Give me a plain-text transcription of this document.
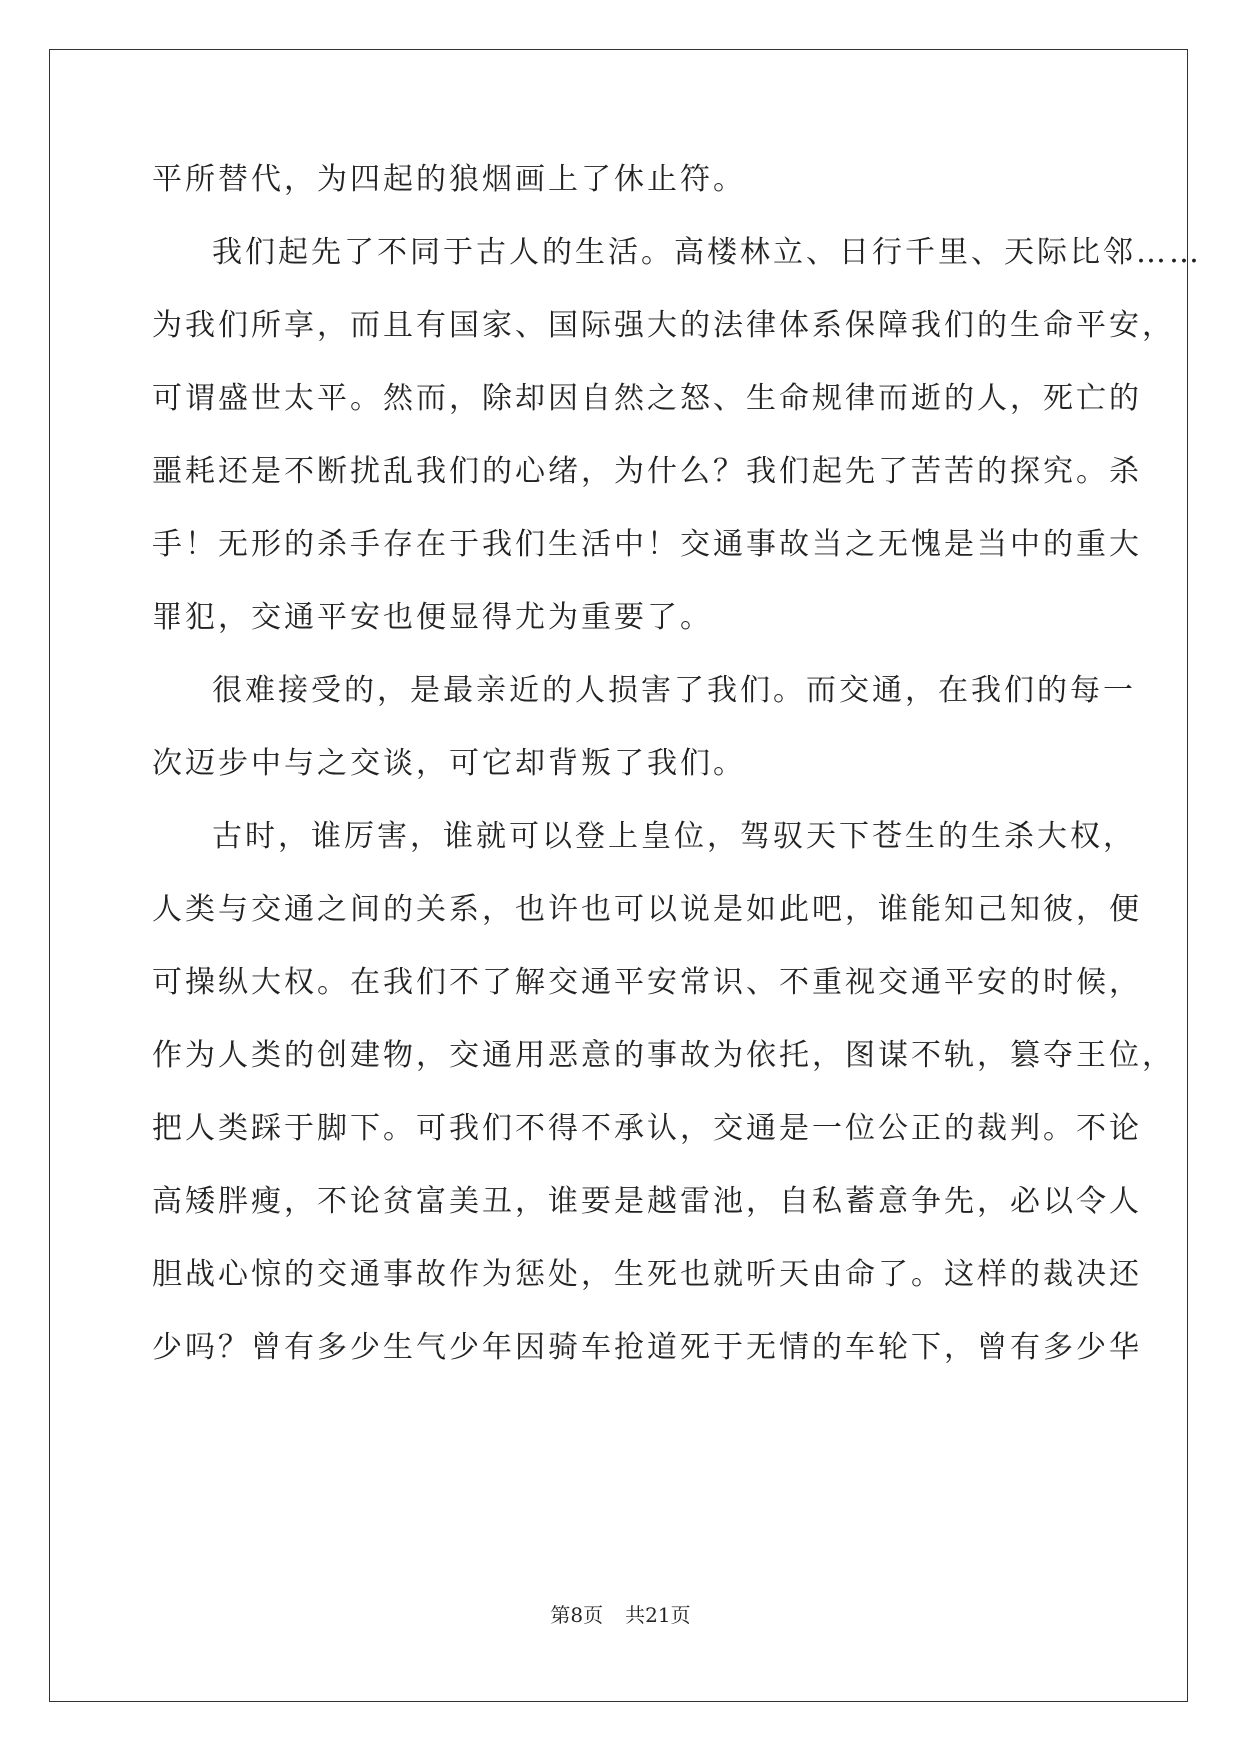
平所替代，为四起的狼烟画上了休止符。
我们起先了不同于古人的生活。高楼林立、日行千里、天际比邻……
为我们所享，而且有国家、国际强大的法律体系保障我们的生命平安，
可谓盛世太平。然而，除却因自然之怒、生命规律而逝的人，死亡的
噩耗还是不断扰乱我们的心绪，为什么？我们起先了苦苦的探究。杀
手！无形的杀手存在于我们生活中！交通事故当之无愧是当中的重大
罪犯，交通平安也便显得尤为重要了。
很难接受的，是最亲近的人损害了我们。而交通，在我们的每一
次迈步中与之交谈，可它却背叛了我们。
古时，谁厉害，谁就可以登上皇位，驾驭天下苍生的生杀大权，
人类与交通之间的关系，也许也可以说是如此吧，谁能知己知彼，便
可操纵大权。在我们不了解交通平安常识、不重视交通平安的时候，
作为人类的创建物，交通用恶意的事故为依托，图谋不轨，篡夺王位，
把人类踩于脚下。可我们不得不承认，交通是一位公正的裁判。不论
高矮胖瘦，不论贫富美丑，谁要是越雷池，自私蓄意争先，必以令人
胆战心惊的交通事故作为惩处，生死也就听天由命了。这样的裁决还
少吗？曾有多少生气少年因骑车抢道死于无情的车轮下，曾有多少华
第8页 共21页
